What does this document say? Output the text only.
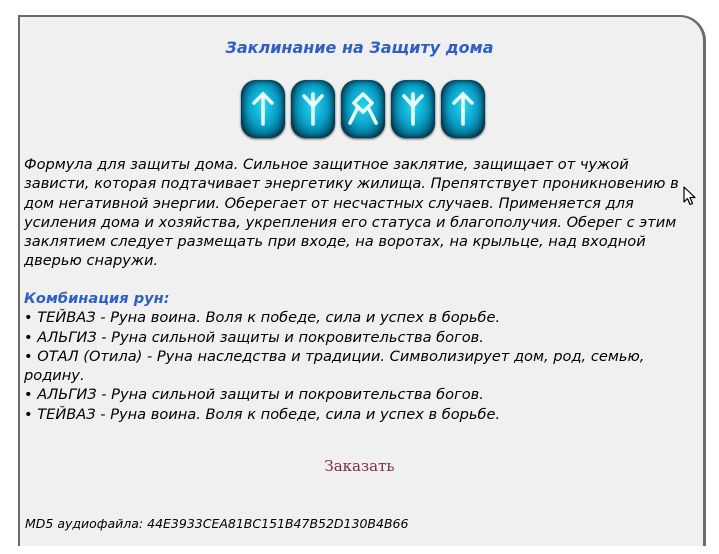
Заклинание на Защиту дома
Формула для защиты дома. Сильное защитное заклятие, защищает от чужой
зависти, которая подтачивает энергетику жилища. Препятствует проникновению в
дом негативной энергии. Оберегает от несчастных случаев. Применяется для
усиления дома и хозяйства, укрепления его статуса и благополучия. Оберег с этим
заклятием следует размещать при входе, на воротах, на крыльце, над входной
дверью снаружи.
Комбинация рун:
• ТЕЙВАЗ - Руна воина. Воля к победе, сила и успех в борьбе.
• АЛЬГИЗ - Руна сильной защиты и покровительства богов.
• ОТАЛ (Отила) - Руна наследства и традиции. Символизирует дом, род, семью,
родину.
• АЛЬГИЗ - Руна сильной защиты и покровительства богов.
• ТЕЙВАЗ - Руна воина. Воля к победе, сила и успех в борьбе.
Заказать
MD5 аудиофайла: 44E3933CEA81BC151B47B52D130B4B66
